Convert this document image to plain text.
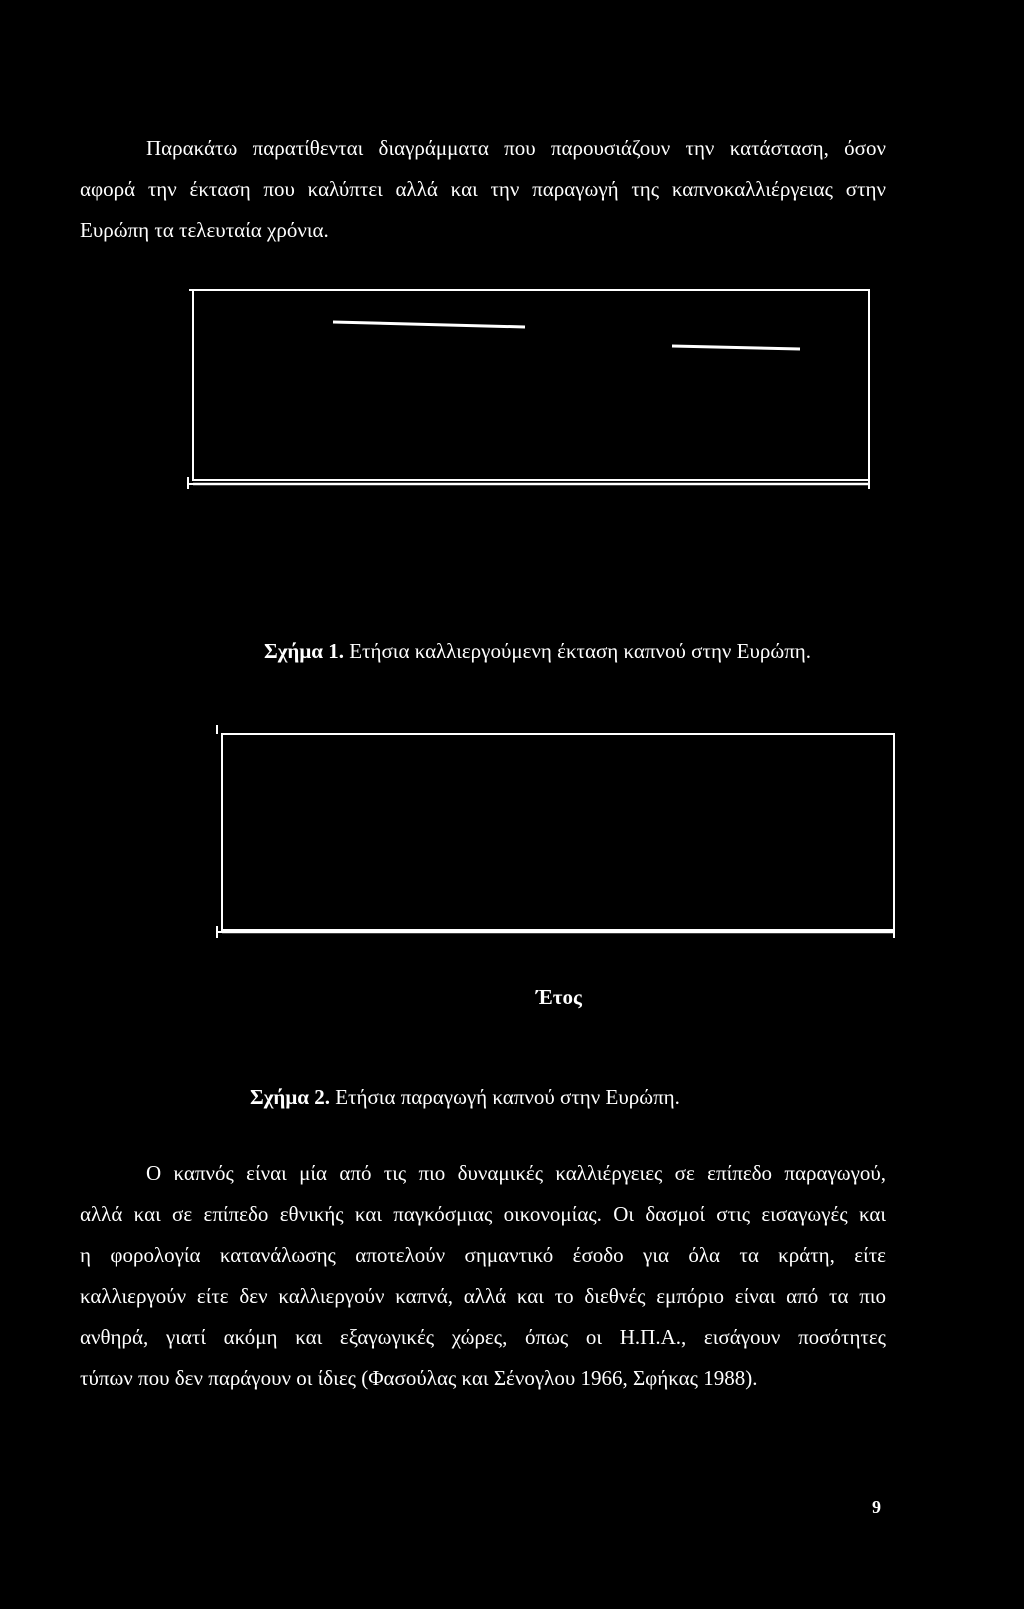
Παρακάτω παρατίθενται διαγράμματα που παρουσιάζουν την κατάσταση, όσον
αφορά την έκταση που καλύπτει αλλά και την παραγωγή της καπνοκαλλιέργειας στην
Ευρώπη τα τελευταία χρόνια.
Σχήμα 1. Ετήσια καλλιεργούμενη έκταση καπνού στην Ευρώπη.
Έτος
Σχήμα 2. Ετήσια παραγωγή καπνού στην Ευρώπη.
Ο καπνός είναι μία από τις πιο δυναμικές καλλιέργειες σε επίπεδο παραγωγού,
αλλά και σε επίπεδο εθνικής και παγκόσμιας οικονομίας. Οι δασμοί στις εισαγωγές και
η φορολογία κατανάλωσης αποτελούν σημαντικό έσοδο για όλα τα κράτη, είτε
καλλιεργούν είτε δεν καλλιεργούν καπνά, αλλά και το διεθνές εμπόριο είναι από τα πιο
ανθηρά, γιατί ακόμη και εξαγωγικές χώρες, όπως οι Η.Π.Α., εισάγουν ποσότητες
τύπων που δεν παράγουν οι ίδιες (Φασούλας και Σένογλου 1966, Σφήκας 1988).
9
